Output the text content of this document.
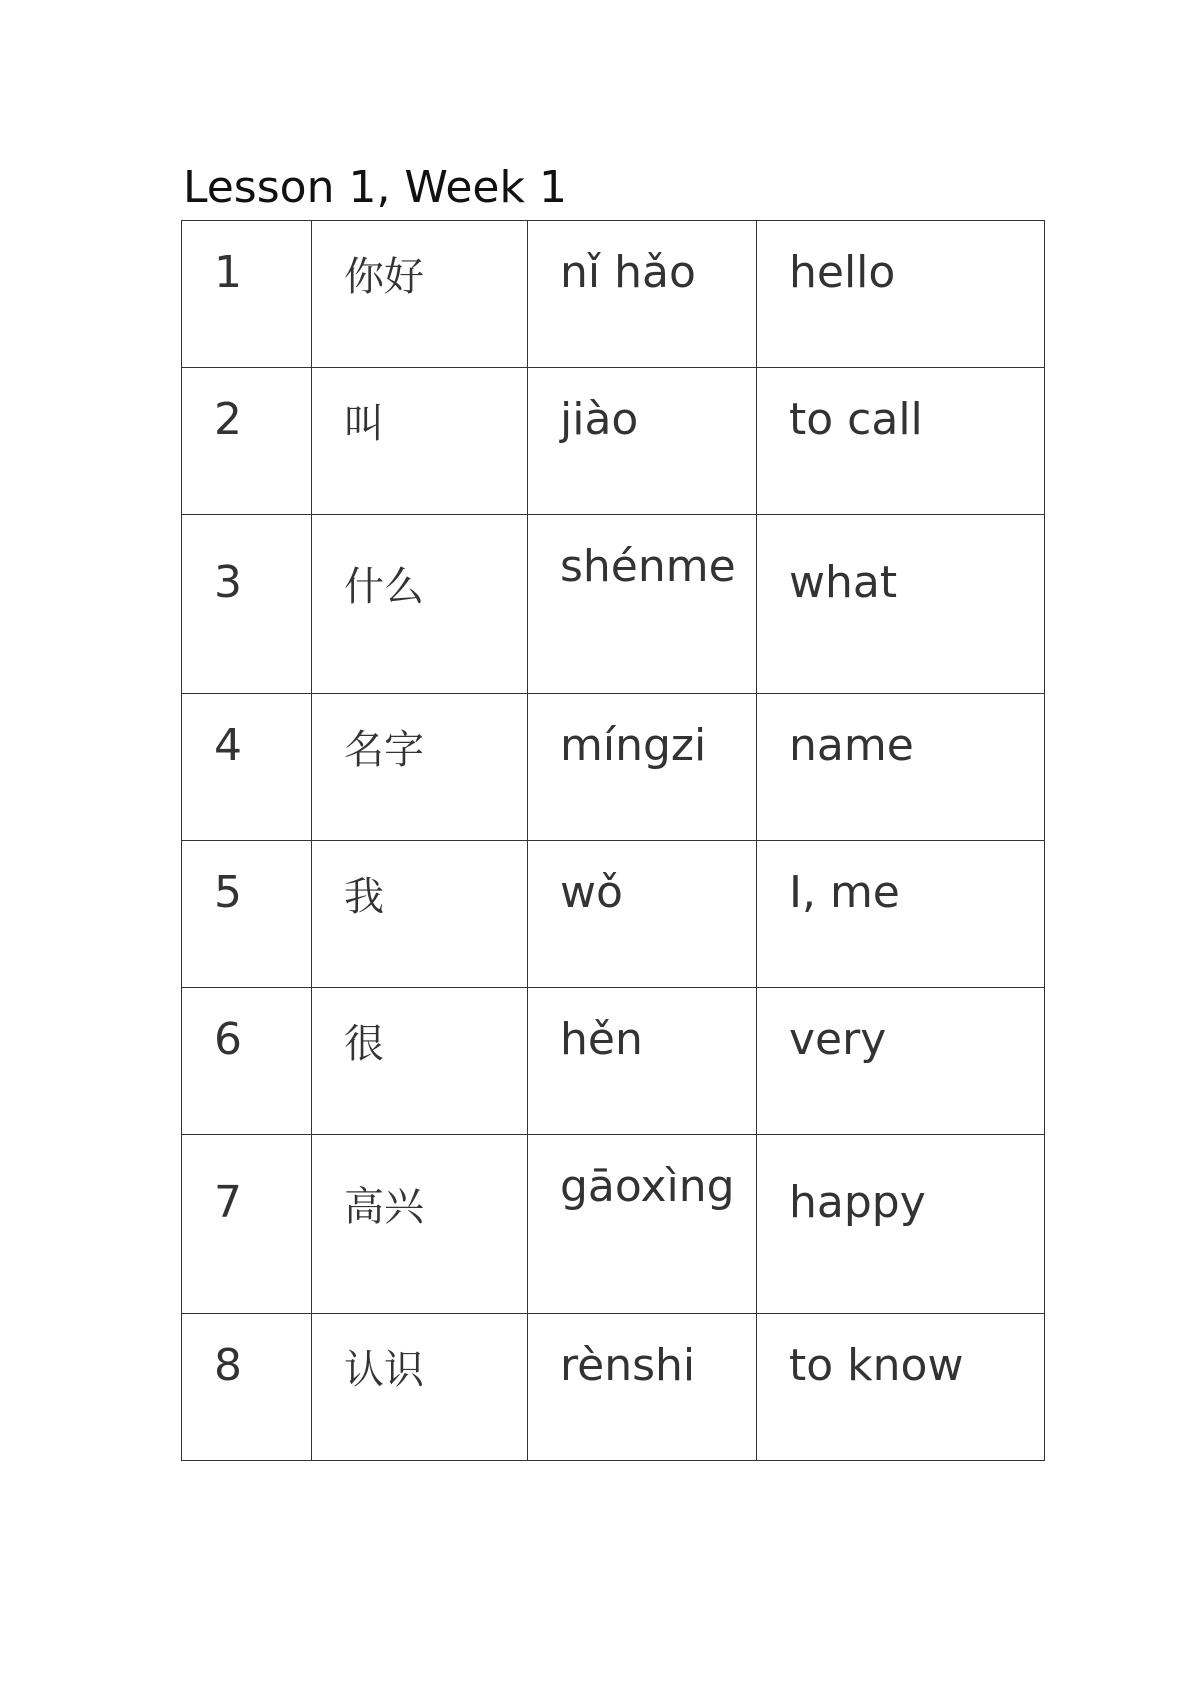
Lesson 1, Week 1
1	你好	nǐ hǎo	hello
2	叫	jiào	to call
3	什么	shénme	what
4	名字	míngzi	name
5	我	wǒ	I, me
6	很	hěn	very
7	高兴	gāoxìng	happy
8	认识	rènshi	to know
